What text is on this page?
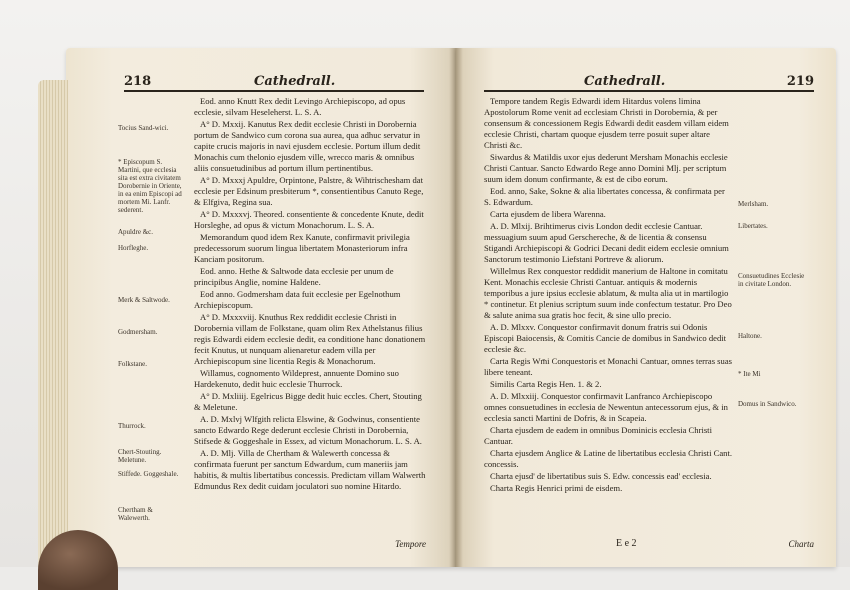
218	Cathedrall.
Tocius Sand-wici.
* Episcopum S. Martini, que ecclesia sita est extra civitatem Dorobernie in Oriente, in ea enim Episcopi ad mortem Mi. Lanfr. sederent.
Apuldre &c.
Horfleghe.
Merk & Saltwode.
Godmersham.
Folkstane.
Thurrock.
Chert-Stouting. Meletune.
Stiffede. Goggeshale.
Chertham & Walewerth.

Eod. anno Knutt Rex dedit Levingo Archiepiscopo, ad opus ecclesie, silvam Heseleherst. L. S. A.

A° D. Mxxij. Kanutus Rex dedit ecclesie Christi in Dorobernia portum de Sandwico cum corona sua aurea, qua adhuc servatur in capite crucis majoris in navi ejusdem ecclesie. Portum illum dedit Monachis cum thelonio ejusdem ville, wrecco maris & omnibus aliis consuetudinibus ad portum illum pertinentibus.

A° D. Mxxxj Apuldre, Orpintone, Palstre, & Wihtrischesham dat ecclesie per Edsinum presbiterum *, consentientibus Canuto Rege, & Elfgiva, Regina sua.

A° D. Mxxxvj. Theored. consentiente & concedente Knute, dedit Horsleghe, ad opus & victum Monachorum. L. S. A.

Memorandum quod idem Rex Kanute, confirmavit privilegia predecessorum suorum lingua libertatem Monasteriorum infra Kanciam positorum.

Eod. anno. Hethe & Saltwode data ecclesie per unum de principibus Anglie, nomine Haldene.

Eod anno. Godmersham data fuit ecclesie per Egelnothum Archiepiscopum.

A° D. Mxxxviij. Knuthus Rex reddidit ecclesie Christi in Dorobernia villam de Folkstane, quam olim Rex Athelstanus filius regis Edwardi eidem ecclesie dedit, ea conditione hanc donationem fecit Knutus, ut nunquam alienaretur eadem villa per Archiepiscopum sine licentia Regis & Monachorum.

Willamus, cognomento Wildeprest, annuente Domino suo Hardekenuto, dedit huic ecclesie Thurrock.

A° D. Mxliiij. Egelricus Bigge dedit huic eccles. Chert, Stouting & Meletune.

A. D. Mxlvj Wlfgith relicta Elswine, & Godwinus, consentiente sancto Edwardo Rege dederunt ecclesie Christi in Dorobernia, Stifsede & Goggeshale in Essex, ad victum Monachorum. L. S. A.

A. D. Mlj. Villa de Chertham & Walewerth concessa & confirmata fuerunt per sanctum Edwardum, cum maneriis jam habitis, & multis libertatibus concessis. Predictam villam Walwerth Edmundus Rex dedit cuidam joculatori suo nomine Hitardo.

Tempore
Cathedrall.	219

Tempore tandem Regis Edwardi idem Hitardus volens limina Apostolorum Rome venit ad ecclesiam Christi in Dorobernia, & per consensum & concessionem Regis Edwardi dedit easdem villam eidem ecclesie Christi, chartam quoque ejusdem terre posuit super altare Christi &c.

Siwardus & Matildis uxor ejus dederunt Mersham Monachis ecclesie Christi Cantuar. Sancto Edwardo Rege anno Domini Mlj. per scriptum suum idem donum confirmante, & est de cibo eorum.

Eod. anno, Sake, Sokne & alia libertates concessa, & confirmata per S. Edwardum.

Carta ejusdem de libera Warenna.

A. D. Mlxij. Brihtimerus civis London dedit ecclesie Cantuar. messuagium suum apud Gerschereche, & de licentia & consensu Stigandi Archiepiscopi & Godrici Decani dedit eidem ecclesie omnium Sanctorum testimonio Liefstani Portreve & aliorum.

Willelmus Rex conquestor reddidit manerium de Haltone in comitatu Kent. Monachis ecclesie Christi Cantuar. antiquis & modernis temporibus a jure ipsius ecclesie ablatum, & multa alia ut in martilogio * continetur. Et plenius scriptum suum inde confectum testatur. Pro Deo & salute anima sua gratis hoc fecit, & sine ullo precio.

A. D. Mlxxv. Conquestor confirmavit donum fratris sui Odonis Episcopi Baiocensis, & Comitis Cancie de domibus in Sandwico dedit ecclesie &c.

Carta Regis Wm̄i Conquestoris et Monachi Cantuar, omnes terras suas libere teneant.

Similis Carta Regis Hen. 1. & 2.

A. D. Mlxxiij. Conquestor confirmavit Lanfranco Archiepiscopo omnes consuetudines in ecclesia de Newentun antecessorum ejus, & in ecclesia sancti Martini de Dofris, & in Scapeia.

Charta ejusdem de eadem in omnibus Dominicis ecclesia Christi Cantuar.

Charta ejusdem Anglice & Latine de libertatibus ecclesia Christi Cant. concessis.

Charta ejusd' de libertatibus suis S. Edw. concessis ead' ecclesia.

Charta Regis Henrici primi de eisdem.

Merlsham.
Libertates.
Consuetudines Ecclesie in civitate London.
Haltone.
* Ite Mi
Domus in Sandwico.
E e 2	Charta
